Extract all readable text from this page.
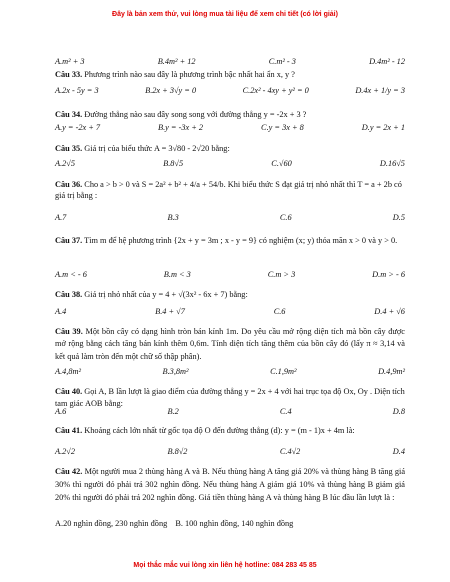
Đây là bản xem thử, vui lòng mua tài liệu để xem chi tiết (có lời giải)
A.m² + 3	B.4m² + 12	C.m² - 3	D.4m² - 12
Câu 33. Phương trình nào sau đây là phương trình bậc nhất hai ẩn x, y ?
A.2x - 5y = 3	B.2x + 3√y = 0	C.2x² - 4xy + y² = 0	D.4x + 1/y = 3
Câu 34. Đường thẳng nào sau đây song song với đường thẳng y = -2x + 3 ?
A.y = -2x + 7	B.y = -3x + 2	C.y = 3x + 8	D.y = 2x + 1
Câu 35. Giá trị của biểu thức A = 3√80 - 2√20 bằng:
A.2√5	B.8√5	C.√60	D.16√5
Câu 36. Cho a > b > 0 và S = 2a² + b² + 4/a + 54/b. Khi biểu thức S đạt giá trị nhỏ nhất thì T = a + 2b có giá trị bằng :
A.7	B.3	C.6	D.5
Câu 37. Tìm m để hệ phương trình {2x + y = 3m ; x - y = 9} có nghiệm (x; y) thỏa mãn x > 0 và y > 0.
A.m < - 6	B.m < 3	C.m > 3	D.m > - 6
Câu 38. Giá trị nhỏ nhất của y = 4 + √(3x² - 6x + 7) bằng:
A.4	B.4 + √7	C.6	D.4 + √6
Câu 39. Một bồn cây có dạng hình tròn bán kính 1m. Do yêu cầu mở rộng diện tích mà bồn cây được mở rộng bằng cách tăng bán kính thêm 0,6m. Tính diện tích tăng thêm của bồn cây đó (lấy π ≈ 3,14 và kết quả làm tròn đến một chữ số thập phân).
A.4,8m²	B.3,8m²	C.1,9m²	D.4,9m²
Câu 40. Gọi A, B lần lượt là giao điểm của đường thẳng y = 2x + 4 với hai trục tọa độ Ox, Oy . Diện tích tam giác AOB bằng:
A.6	B.2	C.4	D.8
Câu 41. Khoảng cách lớn nhất từ gốc tọa độ O đến đường thẳng (d): y = (m - 1)x + 4m là:
A.2√2	B.8√2	C.4√2	D.4
Câu 42. Một người mua 2 thùng hàng A và B. Nếu thùng hàng A tăng giá 20% và thùng hàng B tăng giá 30% thì người đó phải trả 302 nghìn đồng. Nếu thùng hàng A giảm giá 10% và thùng hàng B giảm giá 20% thì người đó phải trả 202 nghìn đồng. Giá tiền thùng hàng A và thùng hàng B lúc đầu lần lượt là :
A.20 nghìn đồng, 230 nghìn đồng B. 100 nghìn đồng, 140 nghìn đồng
Mọi thắc mắc vui lòng xin liên hệ hotline: 084 283 45 85
